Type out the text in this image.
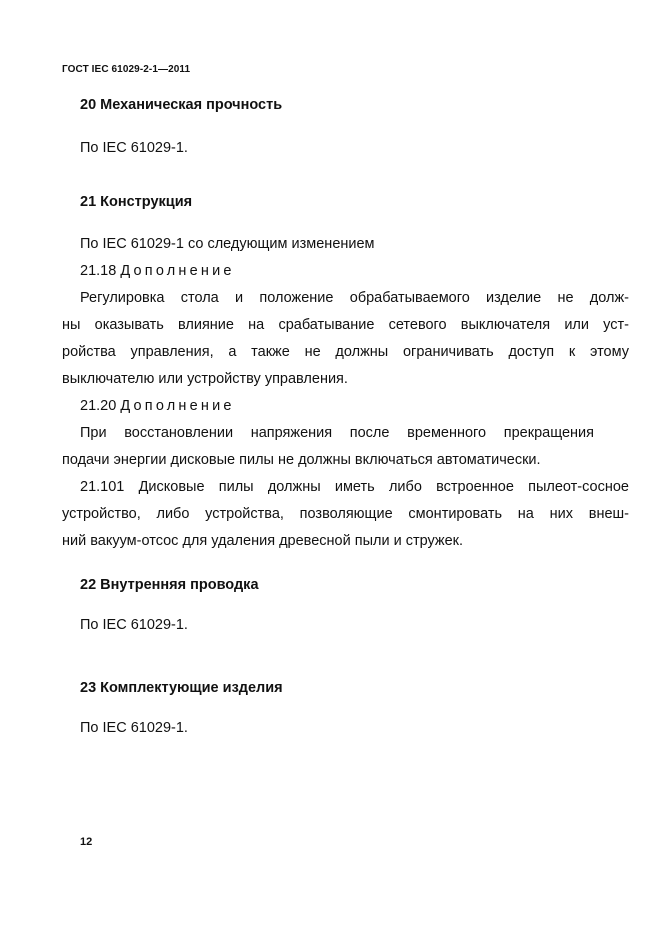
ГОСТ IEC 61029-2-1—2011
20 Механическая прочность
По IEC 61029-1.
21 Конструкция
По IEC 61029-1 со следующим изменением
21.18 Дополнение
Регулировка стола и положение обрабатываемого изделие не долж-
ны оказывать влияние на срабатывание сетевого выключателя или уст-
ройства управления, а также не должны ограничивать доступ к этому
выключателю или устройству управления.
21.20 Дополнение
При восстановлении напряжения после временного прекращения
подачи энергии дисковые пилы не должны включаться автоматически.
21.101 Дисковые пилы должны иметь либо встроенное пылеот-сосное
устройство, либо устройства, позволяющие смонтировать на них внеш-
ний вакуум-отсос для удаления древесной пыли и стружек.
22 Внутренняя проводка
По IEC 61029-1.
23 Комплектующие изделия
По IEC 61029-1.
12
